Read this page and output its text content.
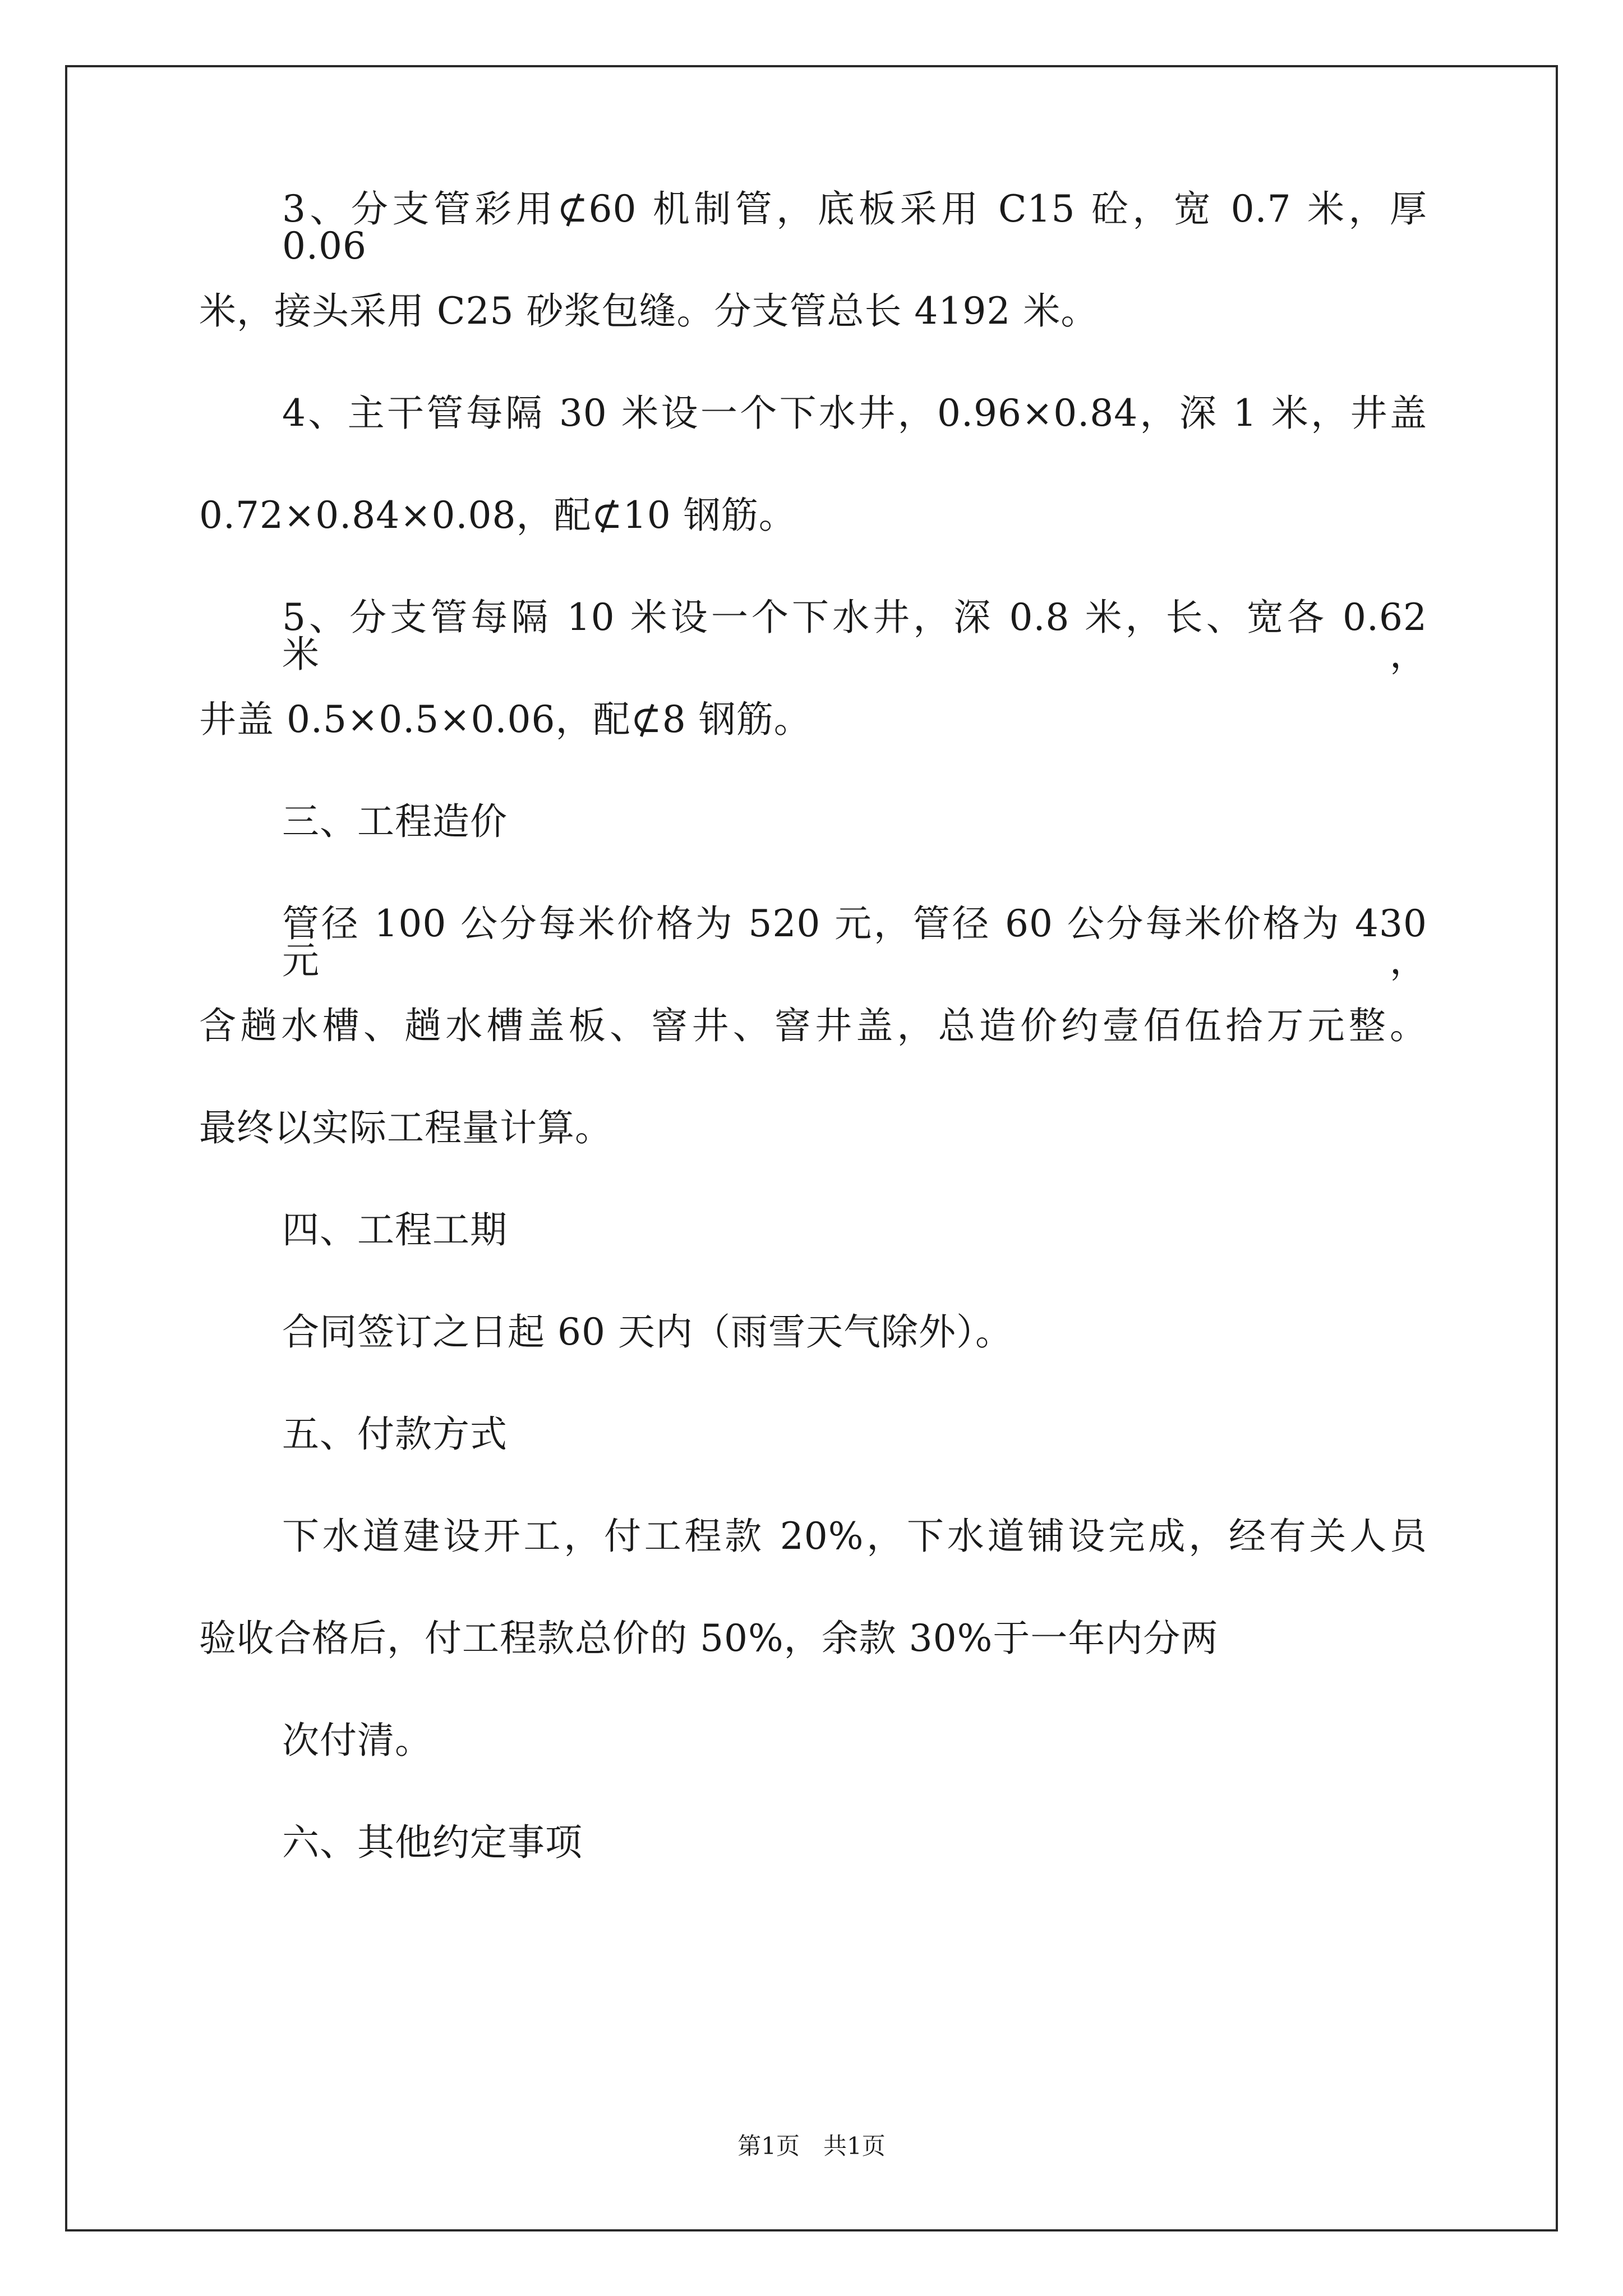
3、分支管彩用⊄60 机制管，底板采用 C15 砼，宽 0.7 米，厚 0.06
米，接头采用 C25 砂浆包缝。分支管总长 4192 米。
4、主干管每隔 30 米设一个下水井，0.96×0.84，深 1 米，井盖
0.72×0.84×0.08，配⊄10 钢筋。
5、分支管每隔 10 米设一个下水井，深 0.8 米，长、宽各 0.62 米，
井盖 0.5×0.5×0.06，配⊄8 钢筋。
三、工程造价
管径 100 公分每米价格为 520 元，管径 60 公分每米价格为 430 元，
含趟水槽、趟水槽盖板、窨井、窨井盖，总造价约壹佰伍拾万元整。
最终以实际工程量计算。
四、工程工期
合同签订之日起 60 天内（雨雪天气除外）。
五、付款方式
下水道建设开工，付工程款 20%，下水道铺设完成，经有关人员
验收合格后，付工程款总价的 50%，余款 30%于一年内分两
次付清。
六、其他约定事项
第1页　共1页
